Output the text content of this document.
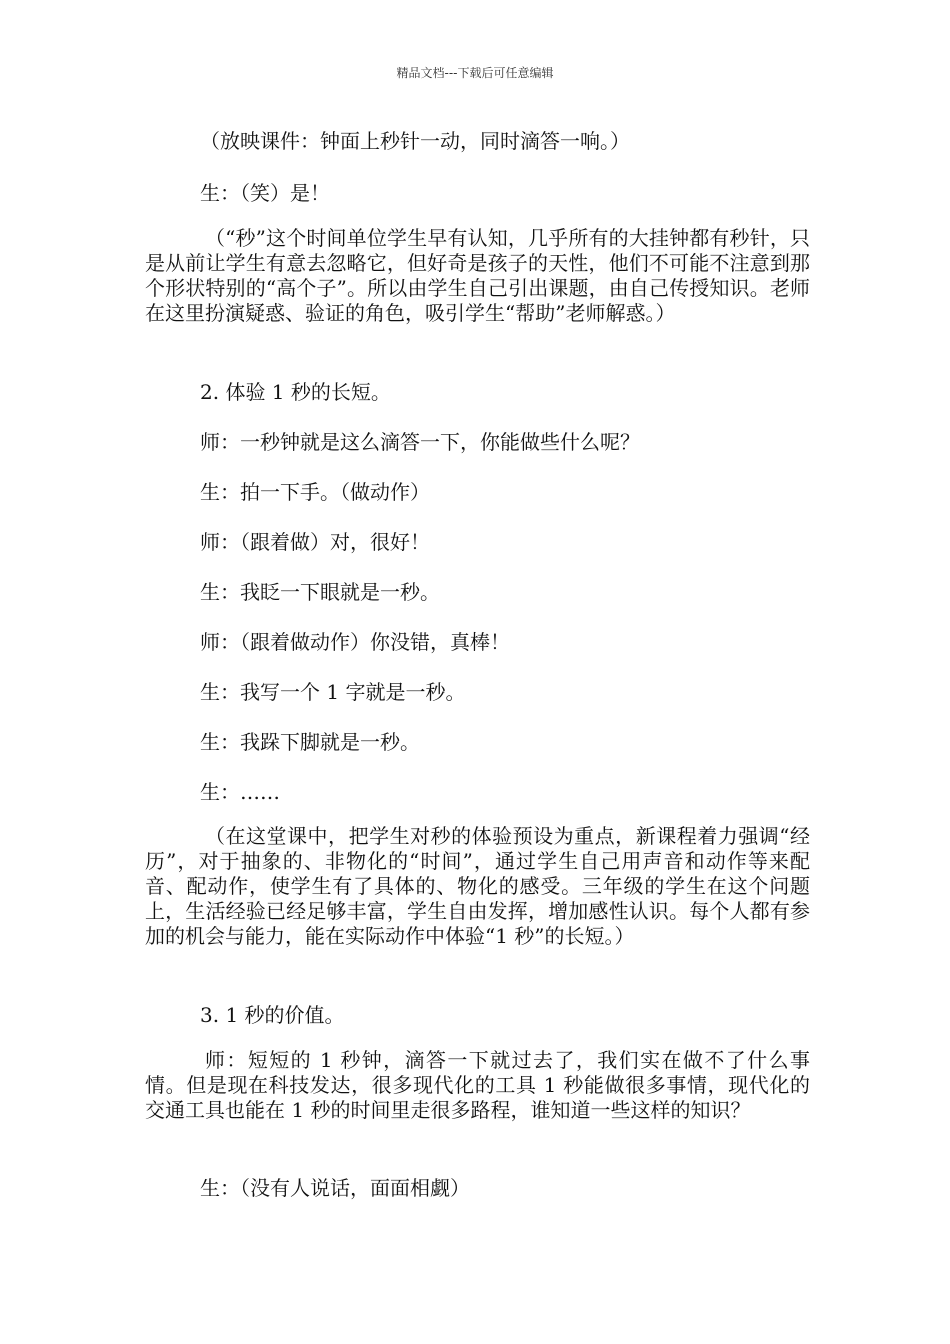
精品文档---下载后可任意编辑
（放映课件：钟面上秒针一动，同时滴答一响。）
生：（笑）是！
（“秒”这个时间单位学生早有认知，几乎所有的大挂钟都有秒针，只是从前让学生有意去忽略它，但好奇是孩子的天性，他们不可能不注意到那个形状特别的“高个子”。所以由学生自己引出课题，由自己传授知识。老师在这里扮演疑惑、验证的角色，吸引学生“帮助”老师解惑。）
2. 体验 1 秒的长短。
师：一秒钟就是这么滴答一下，你能做些什么呢？
生：拍一下手。（做动作）
师：（跟着做）对，很好！
生：我眨一下眼就是一秒。
师：（跟着做动作）你没错，真棒！
生：我写一个 1 字就是一秒。
生：我跺下脚就是一秒。
生：……
（在这堂课中，把学生对秒的体验预设为重点，新课程着力强调“经历”，对于抽象的、非物化的“时间”，通过学生自己用声音和动作等来配音、配动作，使学生有了具体的、物化的感受。三年级的学生在这个问题上，生活经验已经足够丰富，学生自由发挥，增加感性认识。每个人都有参加的机会与能力，能在实际动作中体验“1 秒”的长短。）
3. 1 秒的价值。
师：短短的 1 秒钟，滴答一下就过去了，我们实在做不了什么事情。但是现在科技发达，很多现代化的工具 1 秒能做很多事情，现代化的交通工具也能在 1 秒的时间里走很多路程，谁知道一些这样的知识？
生：（没有人说话，面面相觑）
